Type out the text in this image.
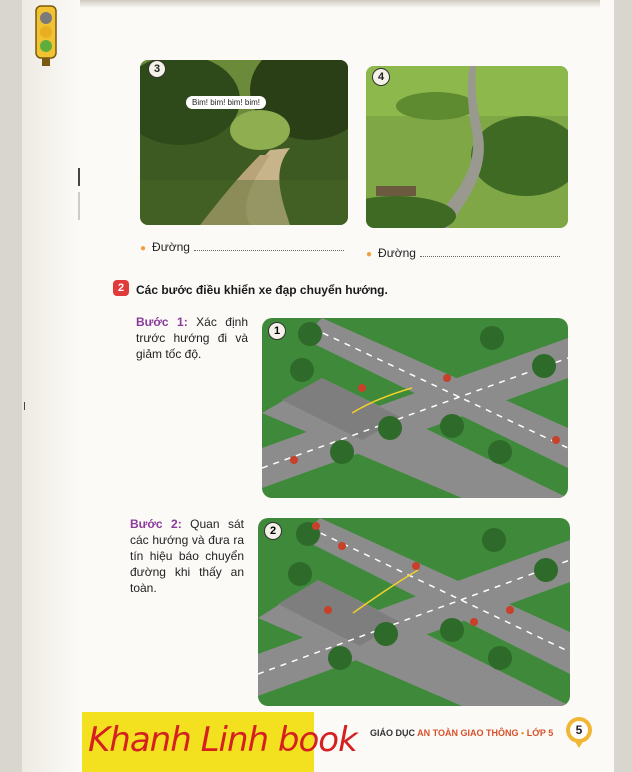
Bim! bim! bim! bim!
3
4
● Đường
● Đường
2 Các bước điều khiển xe đạp chuyển hướng.
Bước 1: Xác định trước hướng đi và giảm tốc độ.
1
Bước 2: Quan sát các hướng và đưa ra tín hiệu báo chuyển đường khi thấy an toàn.
2
Khanh Linh book GIÁO DỤC AN TOÀN GIAO THÔNG • LỚP 5	5
